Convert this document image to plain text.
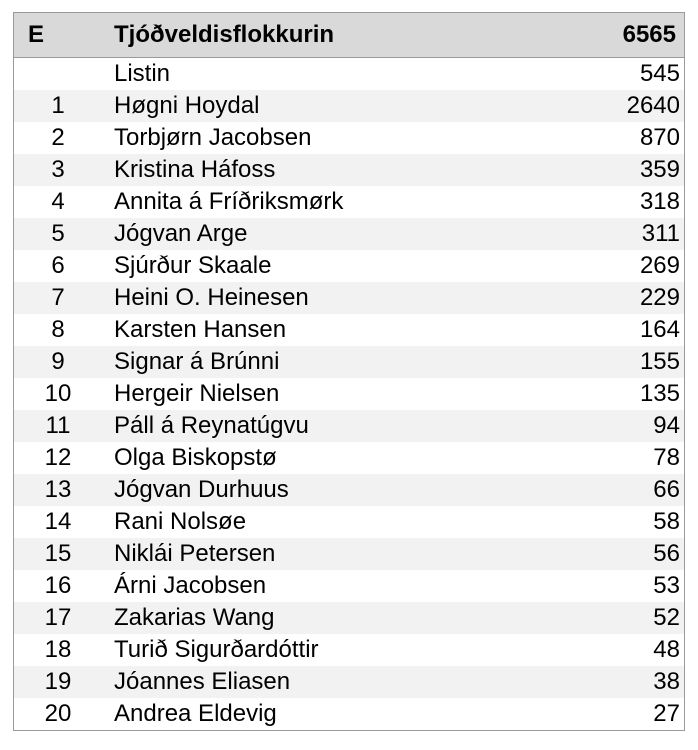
E	Tjóðveldisflokkurin	6565
	Listin	545
1	Høgni Hoydal	2640
2	Torbjørn Jacobsen	870
3	Kristina Háfoss	359
4	Annita á Fríðriksmørk	318
5	Jógvan Arge	311
6	Sjúrður Skaale	269
7	Heini O. Heinesen	229
8	Karsten Hansen	164
9	Signar á Brúnni	155
10	Hergeir Nielsen	135
11	Páll á Reynatúgvu	94
12	Olga Biskopstø	78
13	Jógvan Durhuus	66
14	Rani Nolsøe	58
15	Niklái Petersen	56
16	Árni Jacobsen	53
17	Zakarias Wang	52
18	Turið Sigurðardóttir	48
19	Jóannes Eliasen	38
20	Andrea Eldevig	27
